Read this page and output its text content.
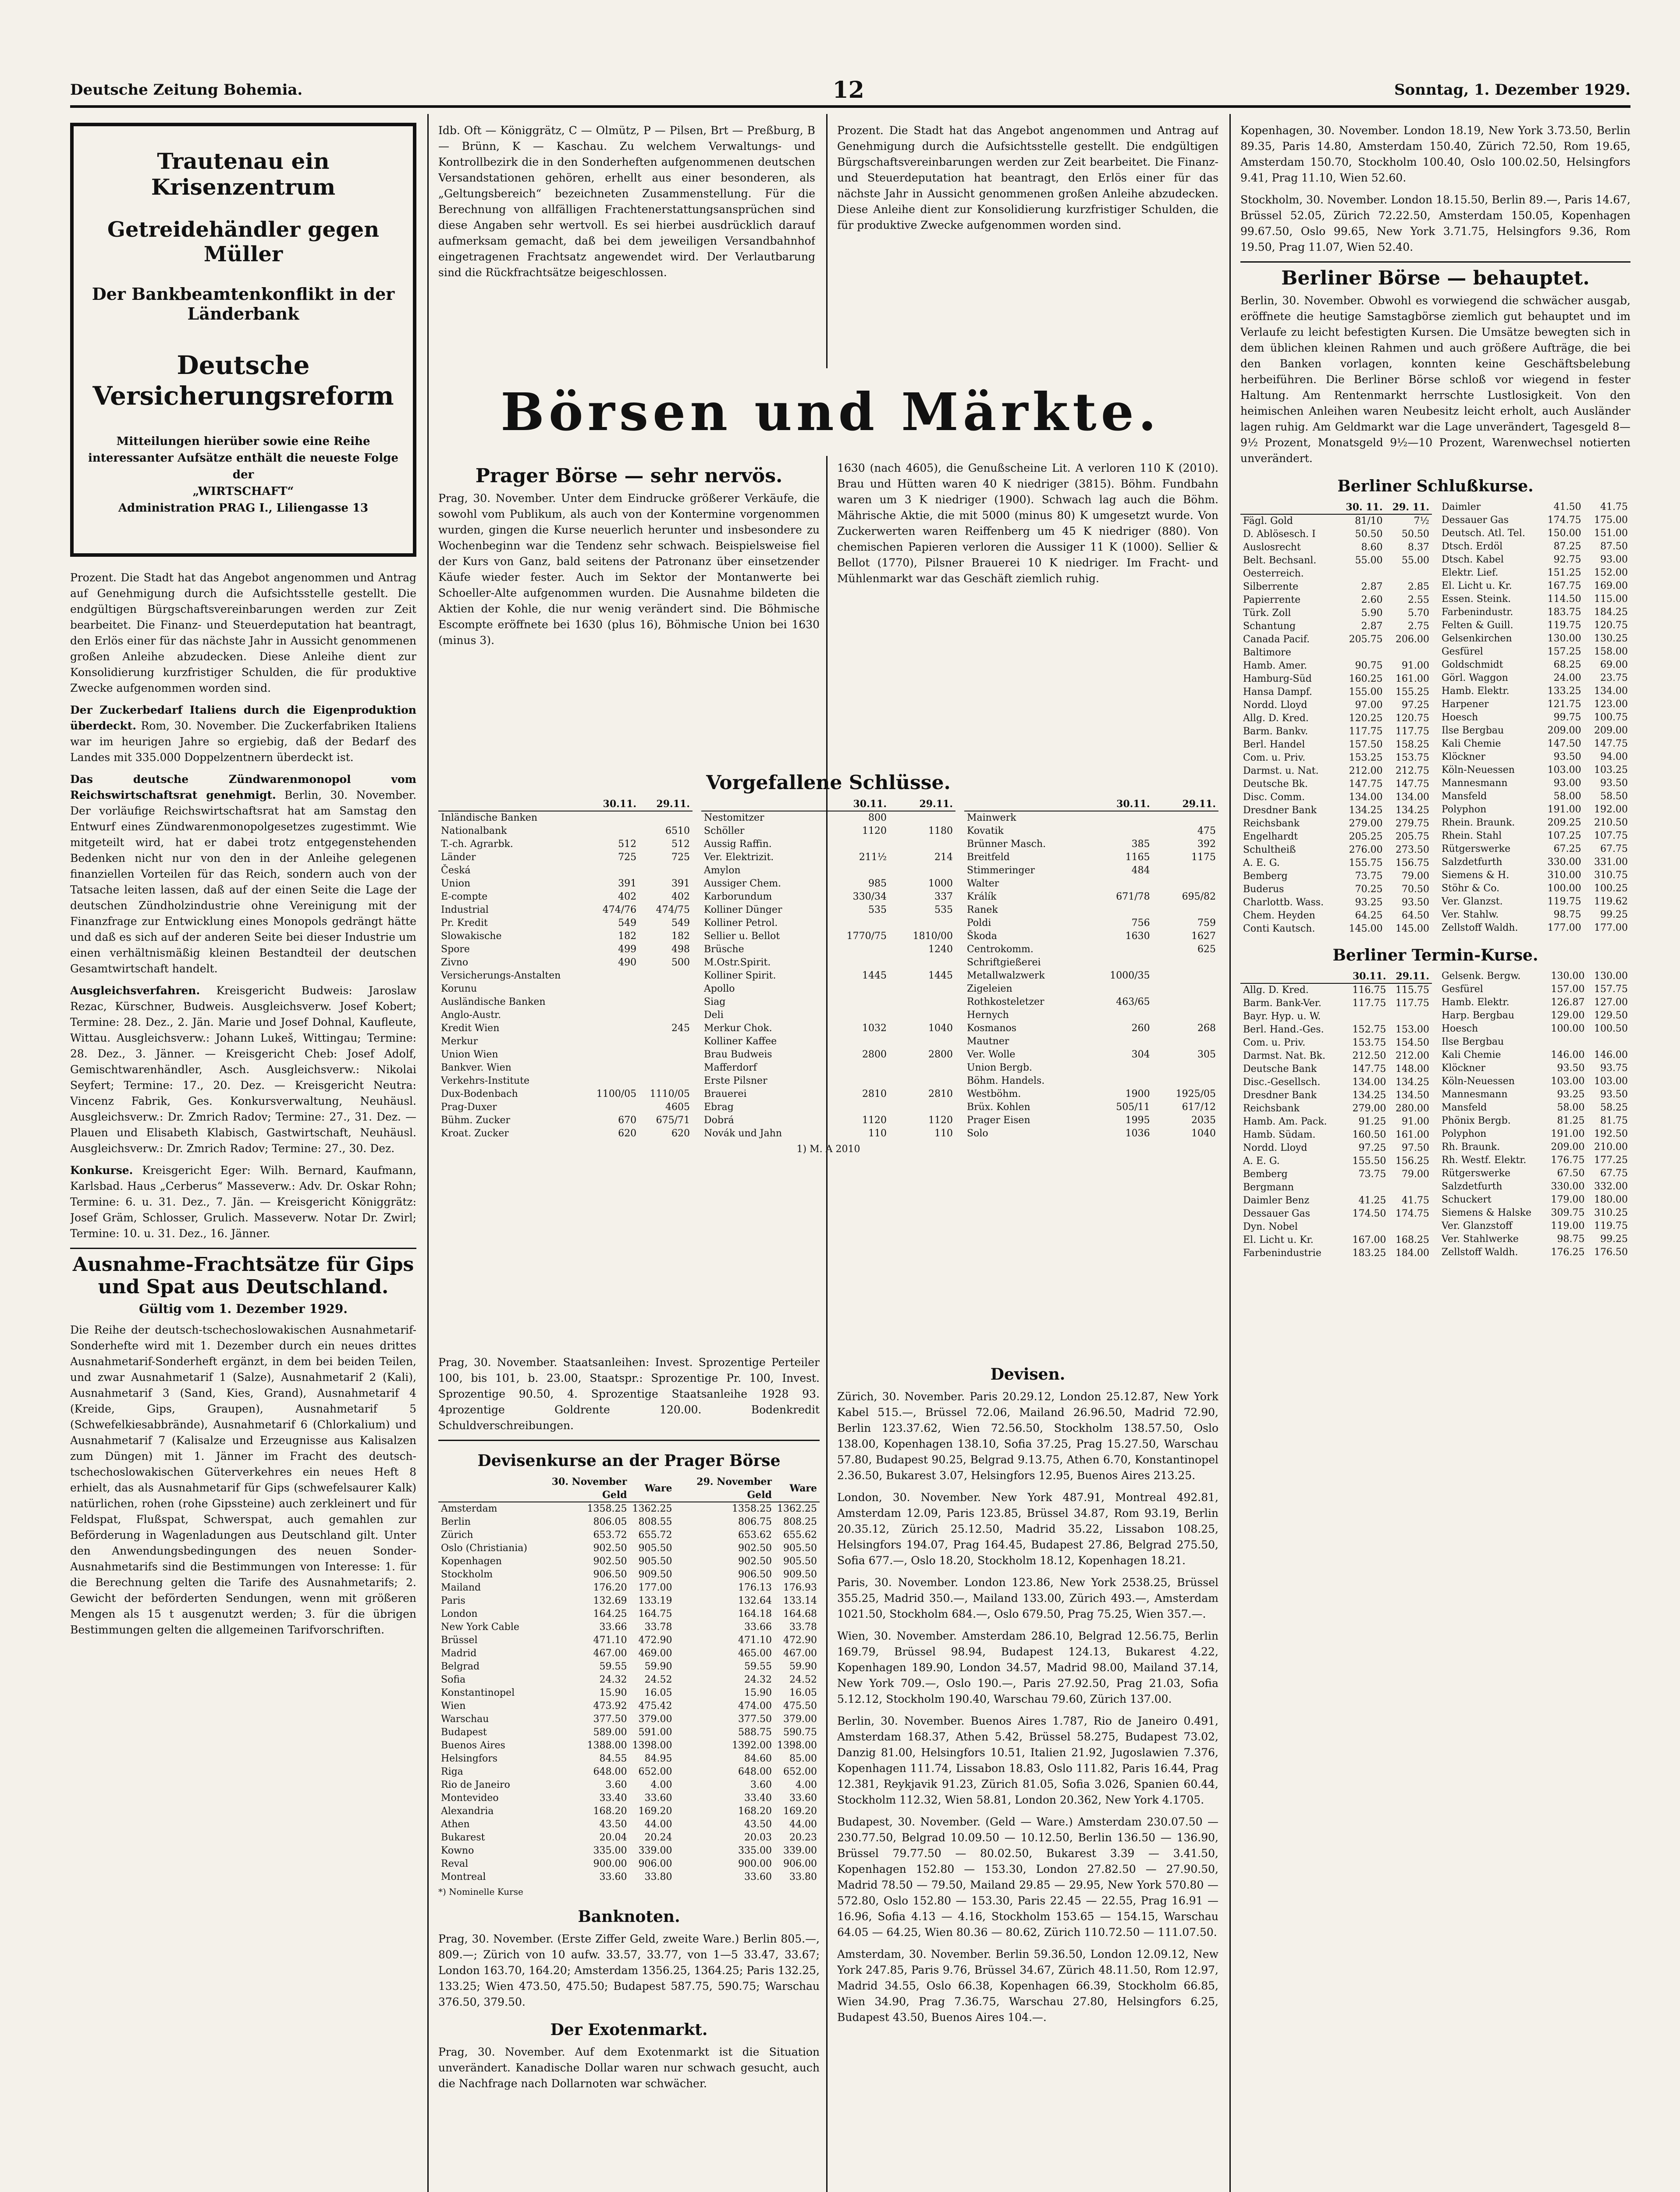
Deutsche Zeitung Bohemia.	12	Sonntag, 1. Dezember 1929.
Trautenau ein Krisenzentrum
Getreidehändler gegen Müller
Der Bankbeamtenkonflikt in der Länderbank
Deutsche Versicherungsreform

Mitteilungen hierüber sowie eine Reihe interessanter Aufsätze enthält die neueste Folge der

„WIRTSCHAFT“

Administration PRAG I., Liliengasse 13

Prozent. Die Stadt hat das Angebot angenommen und Antrag auf Genehmigung durch die Aufsichtsstelle gestellt. Die endgültigen Bürgschaftsvereinbarungen werden zur Zeit bearbeitet. Die Finanz- und Steuerdeputation hat beantragt, den Erlös einer für das nächste Jahr in Aussicht genommenen großen Anleihe abzudecken. Diese Anleihe dient zur Konsolidierung kurzfristiger Schulden, die für produktive Zwecke aufgenommen worden sind.

Der Zuckerbedarf Italiens durch die Eigenproduktion überdeckt. Rom, 30. November. Die Zuckerfabriken Italiens war im heurigen Jahre so ergiebig, daß der Bedarf des Landes mit 335.000 Doppelzentnern überdeckt ist.

Das deutsche Zündwarenmonopol vom Reichswirtschaftsrat genehmigt. Berlin, 30. November. Der vorläufige Reichswirtschaftsrat hat am Samstag den Entwurf eines Zündwarenmonopolgesetzes zugestimmt. Wie mitgeteilt wird, hat er dabei trotz entgegenstehenden Bedenken nicht nur von den in der Anleihe gelegenen finanziellen Vorteilen für das Reich, sondern auch von der Tatsache leiten lassen, daß auf der einen Seite die Lage der deutschen Zündholzindustrie ohne Vereinigung mit der Finanzfrage zur Entwicklung eines Monopols gedrängt hätte und daß es sich auf der anderen Seite bei dieser Industrie um einen verhältnismäßig kleinen Bestandteil der deutschen Gesamtwirtschaft handelt.

Ausgleichsverfahren. Kreisgericht Budweis: Jaroslaw Rezac, Kürschner, Budweis. Ausgleichsverw. Josef Kobert; Termine: 28. Dez., 2. Jän. Marie und Josef Dohnal, Kaufleute, Wittau. Ausgleichsverw.: Johann Lukeš, Wittingau; Termine: 28. Dez., 3. Jänner. — Kreisgericht Cheb: Josef Adolf, Gemischtwarenhändler, Asch. Ausgleichsverw.: Nikolai Seyfert; Termine: 17., 20. Dez. — Kreisgericht Neutra: Vincenz Fabrik, Ges. Konkursverwaltung, Neuhäusl. Ausgleichsverw.: Dr. Zmrich Radov; Termine: 27., 31. Dez. — Plauen und Elisabeth Klabisch, Gastwirtschaft, Neuhäusl. Ausgleichsverw.: Dr. Zmrich Radov; Termine: 27., 30. Dez.

Konkurse. Kreisgericht Eger: Wilh. Bernard, Kaufmann, Karlsbad. Haus „Cerberus“ Masseverw.: Adv. Dr. Oskar Rohn; Termine: 6. u. 31. Dez., 7. Jän. — Kreisgericht Königgrätz: Josef Gräm, Schlosser, Grulich. Masseverw. Notar Dr. Zwirl; Termine: 10. u. 31. Dez., 16. Jänner.

Ausnahme-Frachtsätze für Gips und Spat aus Deutschland.
Gültig vom 1. Dezember 1929.

Die Reihe der deutsch-tschechoslowakischen Ausnahmetarif-Sonderhefte wird mit 1. Dezember durch ein neues drittes Ausnahmetarif-Sonderheft ergänzt, in dem bei beiden Teilen, und zwar Ausnahmetarif 1 (Salze), Ausnahmetarif 2 (Kali), Ausnahmetarif 3 (Sand, Kies, Grand), Ausnahmetarif 4 (Kreide, Gips, Graupen), Ausnahmetarif 5 (Schwefelkiesabbrände), Ausnahmetarif 6 (Chlorkalium) und Ausnahmetarif 7 (Kalisalze und Erzeugnisse aus Kalisalzen zum Düngen) mit 1. Jänner im Fracht des deutsch-tschechoslowakischen Güterverkehres ein neues Heft 8 erhielt, das als Ausnahmetarif für Gips (schwefelsaurer Kalk) natürlichen, rohen (rohe Gipssteine) auch zerkleinert und für Feldspat, Flußspat, Schwerspat, auch gemahlen zur Beförderung in Wagenladungen aus Deutschland gilt. Unter den Anwendungsbedingungen des neuen Sonder-Ausnahmetarifs sind die Bestimmungen von Interesse: 1. für die Berechnung gelten die Tarife des Ausnahmetarifs; 2. Gewicht der beförderten Sendungen, wenn mit größeren Mengen als 15 t ausgenutzt werden; 3. für die übrigen Bestimmungen gelten die allgemeinen Tarifvorschriften.

Idb. Oft — Königgrätz, C — Olmütz, P — Pilsen, Brt — Preßburg, B — Brünn, K — Kaschau. Zu welchem Verwaltungs- und Kontrollbezirk die in den Sonderheften aufgenommenen deutschen Versandstationen gehören, erhellt aus einer besonderen, als „Geltungsbereich“ bezeichneten Zusammenstellung. Für die Berechnung von allfälligen Frachtenerstattungsansprüchen sind diese Angaben sehr wertvoll. Es sei hierbei ausdrücklich darauf aufmerksam gemacht, daß bei dem jeweiligen Versandbahnhof eingetragenen Frachtsatz angewendet wird. Der Verlautbarung sind die Rückfrachtsätze beigeschlossen.

Prozent. Die Stadt hat das Angebot angenommen und Antrag auf Genehmigung durch die Aufsichtsstelle gestellt. Die endgültigen Bürgschaftsvereinbarungen werden zur Zeit bearbeitet. Die Finanz- und Steuerdeputation hat beantragt, den Erlös einer für das nächste Jahr in Aussicht genommenen großen Anleihe abzudecken. Diese Anleihe dient zur Konsolidierung kurzfristiger Schulden, die für produktive Zwecke aufgenommen worden sind.

Börsen und Märkte.
Prager Börse — sehr nervös.

Prag, 30. November. Unter dem Eindrucke größerer Verkäufe, die sowohl vom Publikum, als auch von der Kontermine vorgenommen wurden, gingen die Kurse neuerlich herunter und insbesondere zu Wochenbeginn war die Tendenz sehr schwach. Beispielsweise fiel der Kurs von Ganz, bald seitens der Patronanz über einsetzender Käufe wieder fester. Auch im Sektor der Montanwerte bei Schoeller-Alte aufgenommen wurden. Die Ausnahme bildeten die Aktien der Kohle, die nur wenig verändert sind. Die Böhmische Escompte eröffnete bei 1630 (plus 16), Böhmische Union bei 1630 (minus 3).

1630 (nach 4605), die Genußscheine Lit. A verloren 110 K (2010). Brau und Hütten waren 40 K niedriger (3815). Böhm. Fundbahn waren um 3 K niedriger (1900). Schwach lag auch die Böhm. Mährische Aktie, die mit 5000 (minus 80) K umgesetzt wurde. Von Zuckerwerten waren Reiffenberg um 45 K niedriger (880). Von chemischen Papieren verloren die Aussiger 11 K (1000). Sellier & Bellot (1770), Pilsner Brauerei 10 K niedriger. Im Fracht- und Mühlenmarkt war das Geschäft ziemlich ruhig.

Vorgefallene Schlüsse.
	30.11.	29.11.
Inländische Banken		
Nationalbank		6510
T.-ch. Agrarbk.	512	512
Länder	725	725
Česká		
Union	391	391
E-compte	402	402
Industrial	474/76	474/75
Pr. Kredit	549	549
Slowakische	182	182
Spore	499	498
Zivno	490	500
Versicherungs-Anstalten		
Korunu		
Ausländische Banken		
Anglo-Austr.		
Kredit Wien		245
Merkur		
Union Wien		
Bankver. Wien		
Verkehrs-Institute		
Dux-Bodenbach	1100/05	1110/05
Prag-Duxer		4605
Bühm. Zucker	670	675/71
Kroat. Zucker	620	620
	30.11.	29.11.
Nestomitzer	800	
Schöller	1120	1180
Aussig Raffin.		
Ver. Elektrizit.	211½	214
Amylon		
Aussiger Chem.	985	1000
Karborundum	330/34	337
Kolliner Dünger	535	535
Kolliner Petrol.		
Sellier u. Bellot	1770/75	1810/00
Brüsche		1240
M.Ostr.Spirit.		
Kolliner Spirit.	1445	1445
Apollo		
Siag		
Deli		
Merkur Chok.	1032	1040
Kolliner Kaffee		
Brau Budweis	2800	2800
Mafferdorf		
Erste Pilsner		
Brauerei	2810	2810
Ebrag		
Dobrá	1120	1120
Novák und Jahn	110	110
	30.11.	29.11.
Mainwerk		
Kovatik		475
Brünner Masch.	385	392
Breitfeld	1165	1175
Stimmeringer	484	
Walter		
Králík	671/78	695/82
Ranek		
Poldi	756	759
Škoda	1630	1627
Centrokomm.		625
Schriftgießerei		
Metallwalzwerk	1000/35	
Zigeleien		
Rothkosteletzer	463/65	
Hernych		
Kosmanos	260	268
Mautner		
Ver. Wolle	304	305
Union Bergb.		
Böhm. Handels.		
Westböhm.	1900	1925/05
Brüx. Kohlen	505/11	617/12
Prager Eisen	1995	2035
Solo	1036	1040
1) M. A 2010

Prag, 30. November. Staatsanleihen: Invest. Sprozentige Perteiler 100, bis 101, b. 23.00, Staatspr.: Sprozentige Pr. 100, Invest. Sprozentige 90.50, 4. Sprozentige Staatsanleihe 1928 93. 4prozentige Goldrente 120.00. Bodenkredit Schuldverschreibungen.

Devisenkurse an der Prager Börse
	30. November Geld	Ware	29. November Geld	Ware
Amsterdam	1358.25	1362.25	1358.25	1362.25
Berlin	806.05	808.55	806.75	808.25
Zürich	653.72	655.72	653.62	655.62
Oslo (Christiania)	902.50	905.50	902.50	905.50
Kopenhagen	902.50	905.50	902.50	905.50
Stockholm	906.50	909.50	906.50	909.50
Mailand	176.20	177.00	176.13	176.93
Paris	132.69	133.19	132.64	133.14
London	164.25	164.75	164.18	164.68
New York Cable	33.66	33.78	33.66	33.78
Brüssel	471.10	472.90	471.10	472.90
Madrid	467.00	469.00	465.00	467.00
Belgrad	59.55	59.90	59.55	59.90
Sofia	24.32	24.52	24.32	24.52
Konstantinopel	15.90	16.05	15.90	16.05
Wien	473.92	475.42	474.00	475.50
Warschau	377.50	379.00	377.50	379.00
Budapest	589.00	591.00	588.75	590.75
Buenos Aires	1388.00	1398.00	1392.00	1398.00
Helsingfors	84.55	84.95	84.60	85.00
Riga	648.00	652.00	648.00	652.00
Rio de Janeiro	3.60	4.00	3.60	4.00
Montevideo	33.40	33.60	33.40	33.60
Alexandria	168.20	169.20	168.20	169.20
Athen	43.50	44.00	43.50	44.00
Bukarest	20.04	20.24	20.03	20.23
Kowno	335.00	339.00	335.00	339.00
Reval	900.00	906.00	900.00	906.00
Montreal	33.60	33.80	33.60	33.80
*) Nominelle Kurse
Banknoten.

Prag, 30. November. (Erste Ziffer Geld, zweite Ware.) Berlin 805.—, 809.—; Zürich von 10 aufw. 33.57, 33.77, von 1—5 33.47, 33.67; London 163.70, 164.20; Amsterdam 1356.25, 1364.25; Paris 132.25, 133.25; Wien 473.50, 475.50; Budapest 587.75, 590.75; Warschau 376.50, 379.50.

Der Exotenmarkt.

Prag, 30. November. Auf dem Exotenmarkt ist die Situation unverändert. Kanadische Dollar waren nur schwach gesucht, auch die Nachfrage nach Dollarnoten war schwächer.

Devisen.

Zürich, 30. November. Paris 20.29.12, London 25.12.87, New York Kabel 515.—, Brüssel 72.06, Mailand 26.96.50, Madrid 72.90, Berlin 123.37.62, Wien 72.56.50, Stockholm 138.57.50, Oslo 138.00, Kopenhagen 138.10, Sofia 37.25, Prag 15.27.50, Warschau 57.80, Budapest 90.25, Belgrad 9.13.75, Athen 6.70, Konstantinopel 2.36.50, Bukarest 3.07, Helsingfors 12.95, Buenos Aires 213.25.

London, 30. November. New York 487.91, Montreal 492.81, Amsterdam 12.09, Paris 123.85, Brüssel 34.87, Rom 93.19, Berlin 20.35.12, Zürich 25.12.50, Madrid 35.22, Lissabon 108.25, Helsingfors 194.07, Prag 164.45, Budapest 27.86, Belgrad 275.50, Sofia 677.—, Oslo 18.20, Stockholm 18.12, Kopenhagen 18.21.

Paris, 30. November. London 123.86, New York 2538.25, Brüssel 355.25, Madrid 350.—, Mailand 133.00, Zürich 493.—, Amsterdam 1021.50, Stockholm 684.—, Oslo 679.50, Prag 75.25, Wien 357.—.

Wien, 30. November. Amsterdam 286.10, Belgrad 12.56.75, Berlin 169.79, Brüssel 98.94, Budapest 124.13, Bukarest 4.22, Kopenhagen 189.90, London 34.57, Madrid 98.00, Mailand 37.14, New York 709.—, Oslo 190.—, Paris 27.92.50, Prag 21.03, Sofia 5.12.12, Stockholm 190.40, Warschau 79.60, Zürich 137.00.

Berlin, 30. November. Buenos Aires 1.787, Rio de Janeiro 0.491, Amsterdam 168.37, Athen 5.42, Brüssel 58.275, Budapest 73.02, Danzig 81.00, Helsingfors 10.51, Italien 21.92, Jugoslawien 7.376, Kopenhagen 111.74, Lissabon 18.83, Oslo 111.82, Paris 16.44, Prag 12.381, Reykjavik 91.23, Zürich 81.05, Sofia 3.026, Spanien 60.44, Stockholm 112.32, Wien 58.81, London 20.362, New York 4.1705.

Budapest, 30. November. (Geld — Ware.) Amsterdam 230.07.50 — 230.77.50, Belgrad 10.09.50 — 10.12.50, Berlin 136.50 — 136.90, Brüssel 79.77.50 — 80.02.50, Bukarest 3.39 — 3.41.50, Kopenhagen 152.80 — 153.30, London 27.82.50 — 27.90.50, Madrid 78.50 — 79.50, Mailand 29.85 — 29.95, New York 570.80 — 572.80, Oslo 152.80 — 153.30, Paris 22.45 — 22.55, Prag 16.91 — 16.96, Sofia 4.13 — 4.16, Stockholm 153.65 — 154.15, Warschau 64.05 — 64.25, Wien 80.36 — 80.62, Zürich 110.72.50 — 111.07.50.

Amsterdam, 30. November. Berlin 59.36.50, London 12.09.12, New York 247.85, Paris 9.76, Brüssel 34.67, Zürich 48.11.50, Rom 12.97, Madrid 34.55, Oslo 66.38, Kopenhagen 66.39, Stockholm 66.85, Wien 34.90, Prag 7.36.75, Warschau 27.80, Helsingfors 6.25, Budapest 43.50, Buenos Aires 104.—.

Kopenhagen, 30. November. London 18.19, New York 3.73.50, Berlin 89.35, Paris 14.80, Amsterdam 150.40, Zürich 72.50, Rom 19.65, Amsterdam 150.70, Stockholm 100.40, Oslo 100.02.50, Helsingfors 9.41, Prag 11.10, Wien 52.60.

Stockholm, 30. November. London 18.15.50, Berlin 89.—, Paris 14.67, Brüssel 52.05, Zürich 72.22.50, Amsterdam 150.05, Kopenhagen 99.67.50, Oslo 99.65, New York 3.71.75, Helsingfors 9.36, Rom 19.50, Prag 11.07, Wien 52.40.

Berliner Börse — behauptet.

Berlin, 30. November. Obwohl es vorwiegend die schwächer ausgab, eröffnete die heutige Samstagbörse ziemlich gut behauptet und im Verlaufe zu leicht befestigten Kursen. Die Umsätze bewegten sich in dem üblichen kleinen Rahmen und auch größere Aufträge, die bei den Banken vorlagen, konnten keine Geschäftsbelebung herbeiführen. Die Berliner Börse schloß vor wiegend in fester Haltung. Am Rentenmarkt herrschte Lustlosigkeit. Von den heimischen Anleihen waren Neubesitz leicht erholt, auch Ausländer lagen ruhig. Am Geldmarkt war die Lage unverändert, Tagesgeld 8—9½ Prozent, Monatsgeld 9½—10 Prozent, Warenwechsel notierten unverändert.

Berliner Schlußkurse.
	30. 11.	29. 11.
Fägl. Gold	81/10	7½
D. Ablösesch. I	50.50	50.50
Auslosrecht	8.60	8.37
Belt. Bechsanl.	55.00	55.00
Oesterreich.		
Silberrente	2.87	2.85
Papierrente	2.60	2.55
Türk. Zoll	5.90	5.70
Schantung	2.87	2.75
Canada Pacif.	205.75	206.00
Baltimore		
Hamb. Amer.	90.75	91.00
Hamburg-Süd	160.25	161.00
Hansa Dampf.	155.00	155.25
Nordd. Lloyd	97.00	97.25
Allg. D. Kred.	120.25	120.75
Barm. Bankv.	117.75	117.75
Berl. Handel	157.50	158.25
Com. u. Priv.	153.25	153.75
Darmst. u. Nat.	212.00	212.75
Deutsche Bk.	147.75	147.75
Disc. Comm.	134.00	134.00
Dresdner Bank	134.25	134.25
Reichsbank	279.00	279.75
Engelhardt	205.25	205.75
Schultheiß	276.00	273.50
A. E. G.	155.75	156.75
Bemberg	73.75	79.00
Buderus	70.25	70.50
Charlottb. Wass.	93.25	93.50
Chem. Heyden	64.25	64.50
Conti Kautsch.	145.00	145.00
Daimler	41.50	41.75
Dessauer Gas	174.75	175.00
Deutsch. Atl. Tel.	150.00	151.00
Dtsch. Erdöl	87.25	87.50
Dtsch. Kabel	92.75	93.00
Elektr. Lief.	151.25	152.00
El. Licht u. Kr.	167.75	169.00
Essen. Steink.	114.50	115.00
Farbenindustr.	183.75	184.25
Felten & Guill.	119.75	120.75
Gelsenkirchen	130.00	130.25
Gesfürel	157.25	158.00
Goldschmidt	68.25	69.00
Görl. Waggon	24.00	23.75
Hamb. Elektr.	133.25	134.00
Harpener	121.75	123.00
Hoesch	99.75	100.75
Ilse Bergbau	209.00	209.00
Kali Chemie	147.50	147.75
Klöckner	93.50	94.00
Köln-Neuessen	103.00	103.25
Mannesmann	93.00	93.50
Mansfeld	58.00	58.50
Polyphon	191.00	192.00
Rhein. Braunk.	209.25	210.50
Rhein. Stahl	107.25	107.75
Rütgerswerke	67.25	67.75
Salzdetfurth	330.00	331.00
Siemens & H.	310.00	310.75
Stöhr & Co.	100.00	100.25
Ver. Glanzst.	119.75	119.62
Ver. Stahlw.	98.75	99.25
Zellstoff Waldh.	177.00	177.00
Berliner Termin-Kurse.
	30.11.	29.11.
Allg. D. Kred.	116.75	115.75
Barm. Bank-Ver.	117.75	117.75
Bayr. Hyp. u. W.		
Berl. Hand.-Ges.	152.75	153.00
Com. u. Priv.	153.75	154.50
Darmst. Nat. Bk.	212.50	212.00
Deutsche Bank	147.75	148.00
Disc.-Gesellsch.	134.00	134.25
Dresdner Bank	134.25	134.50
Reichsbank	279.00	280.00
Hamb. Am. Pack.	91.25	91.00
Hamb. Südam.	160.50	161.00
Nordd. Lloyd	97.25	97.50
A. E. G.	155.50	156.25
Bemberg	73.75	79.00
Bergmann		
Daimler Benz	41.25	41.75
Dessauer Gas	174.50	174.75
Dyn. Nobel		
El. Licht u. Kr.	167.00	168.25
Farbenindustrie	183.25	184.00
Gelsenk. Bergw.	130.00	130.00
Gesfürel	157.00	157.75
Hamb. Elektr.	126.87	127.00
Harp. Bergbau	129.00	129.50
Hoesch	100.00	100.50
Ilse Bergbau		
Kali Chemie	146.00	146.00
Klöckner	93.50	93.75
Köln-Neuessen	103.00	103.00
Mannesmann	93.25	93.50
Mansfeld	58.00	58.25
Phönix Bergb.	81.25	81.75
Polyphon	191.00	192.50
Rh. Braunk.	209.00	210.00
Rh. Westf. Elektr.	176.75	177.25
Rütgerswerke	67.50	67.75
Salzdetfurth	330.00	332.00
Schuckert	179.00	180.00
Siemens & Halske	309.75	310.25
Ver. Glanzstoff	119.00	119.75
Ver. Stahlwerke	98.75	99.25
Zellstoff Waldh.	176.25	176.50
